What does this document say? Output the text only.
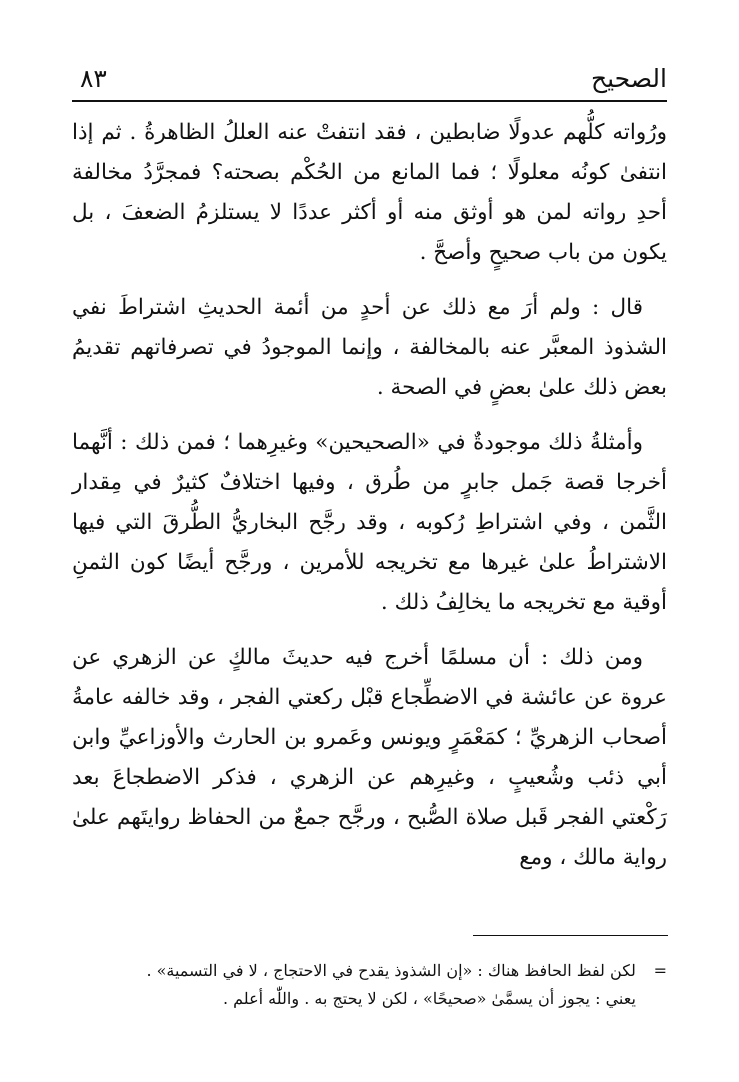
الصحيح
٨٣

ورُواته كلُّهم عدولًا ضابطين ، فقد انتفتْ عنه العللُ الظاهرةُ . ثم إذا انتفىٰ كونُه معلولًا ؛ فما المانع من الحُكْم بصحته؟ فمجرَّدُ مخالفة أحدِ رواته لمن هو أوثق منه أو أكثر عددًا لا يستلزمُ الضعفَ ، بل يكون من باب صحيحٍ وأصحَّ .

قال : ولم أرَ مع ذلك عن أحدٍ من أئمة الحديثِ اشتراطَ نفي الشذوذ المعبَّر عنه بالمخالفة ، وإنما الموجودُ في تصرفاتهم تقديمُ بعض ذلك علىٰ بعضٍ في الصحة .

وأمثلةُ ذلك موجودةٌ في «الصحيحين» وغيرِهما ؛ فمن ذلك : أنَّهما أخرجا قصة جَمل جابرٍ من طُرق ، وفيها اختلافٌ كثيرٌ في مِقدار الثَّمن ، وفي اشتراطِ رُكوبه ، وقد رجَّح البخاريُّ الطُّرقَ التي فيها الاشتراطُ علىٰ غيرها مع تخريجه للأمرين ، ورجَّح أيضًا كون الثمنِ أوقية مع تخريجه ما يخالِفُ ذلك .

ومن ذلك : أن مسلمًا أخرج فيه حديثَ مالكٍ عن الزهري عن عروة عن عائشة في الاضطِّجاع قبْل ركعتي الفجر ، وقد خالفه عامةُ أصحاب الزهريِّ ؛ كمَعْمَرٍ ويونس وعَمرو بن الحارث والأوزاعيِّ وابن أبي ذئب وشُعيبٍ ، وغيرِهم عن الزهري ، فذكر الاضطجاعَ بعد رَكْعتي الفجر قَبل صلاة الصُّبح ، ورجَّح جمعٌ من الحفاظ روايتَهم علىٰ رواية مالك ، ومع

= لكن لفظ الحافظ هناك : «إن الشذوذ يقدح في الاحتجاج ، لا في التسمية» .

يعني : يجوز أن يسمَّىٰ «صحيحًا» ، لكن لا يحتج به . واللّٰه أعلم .
